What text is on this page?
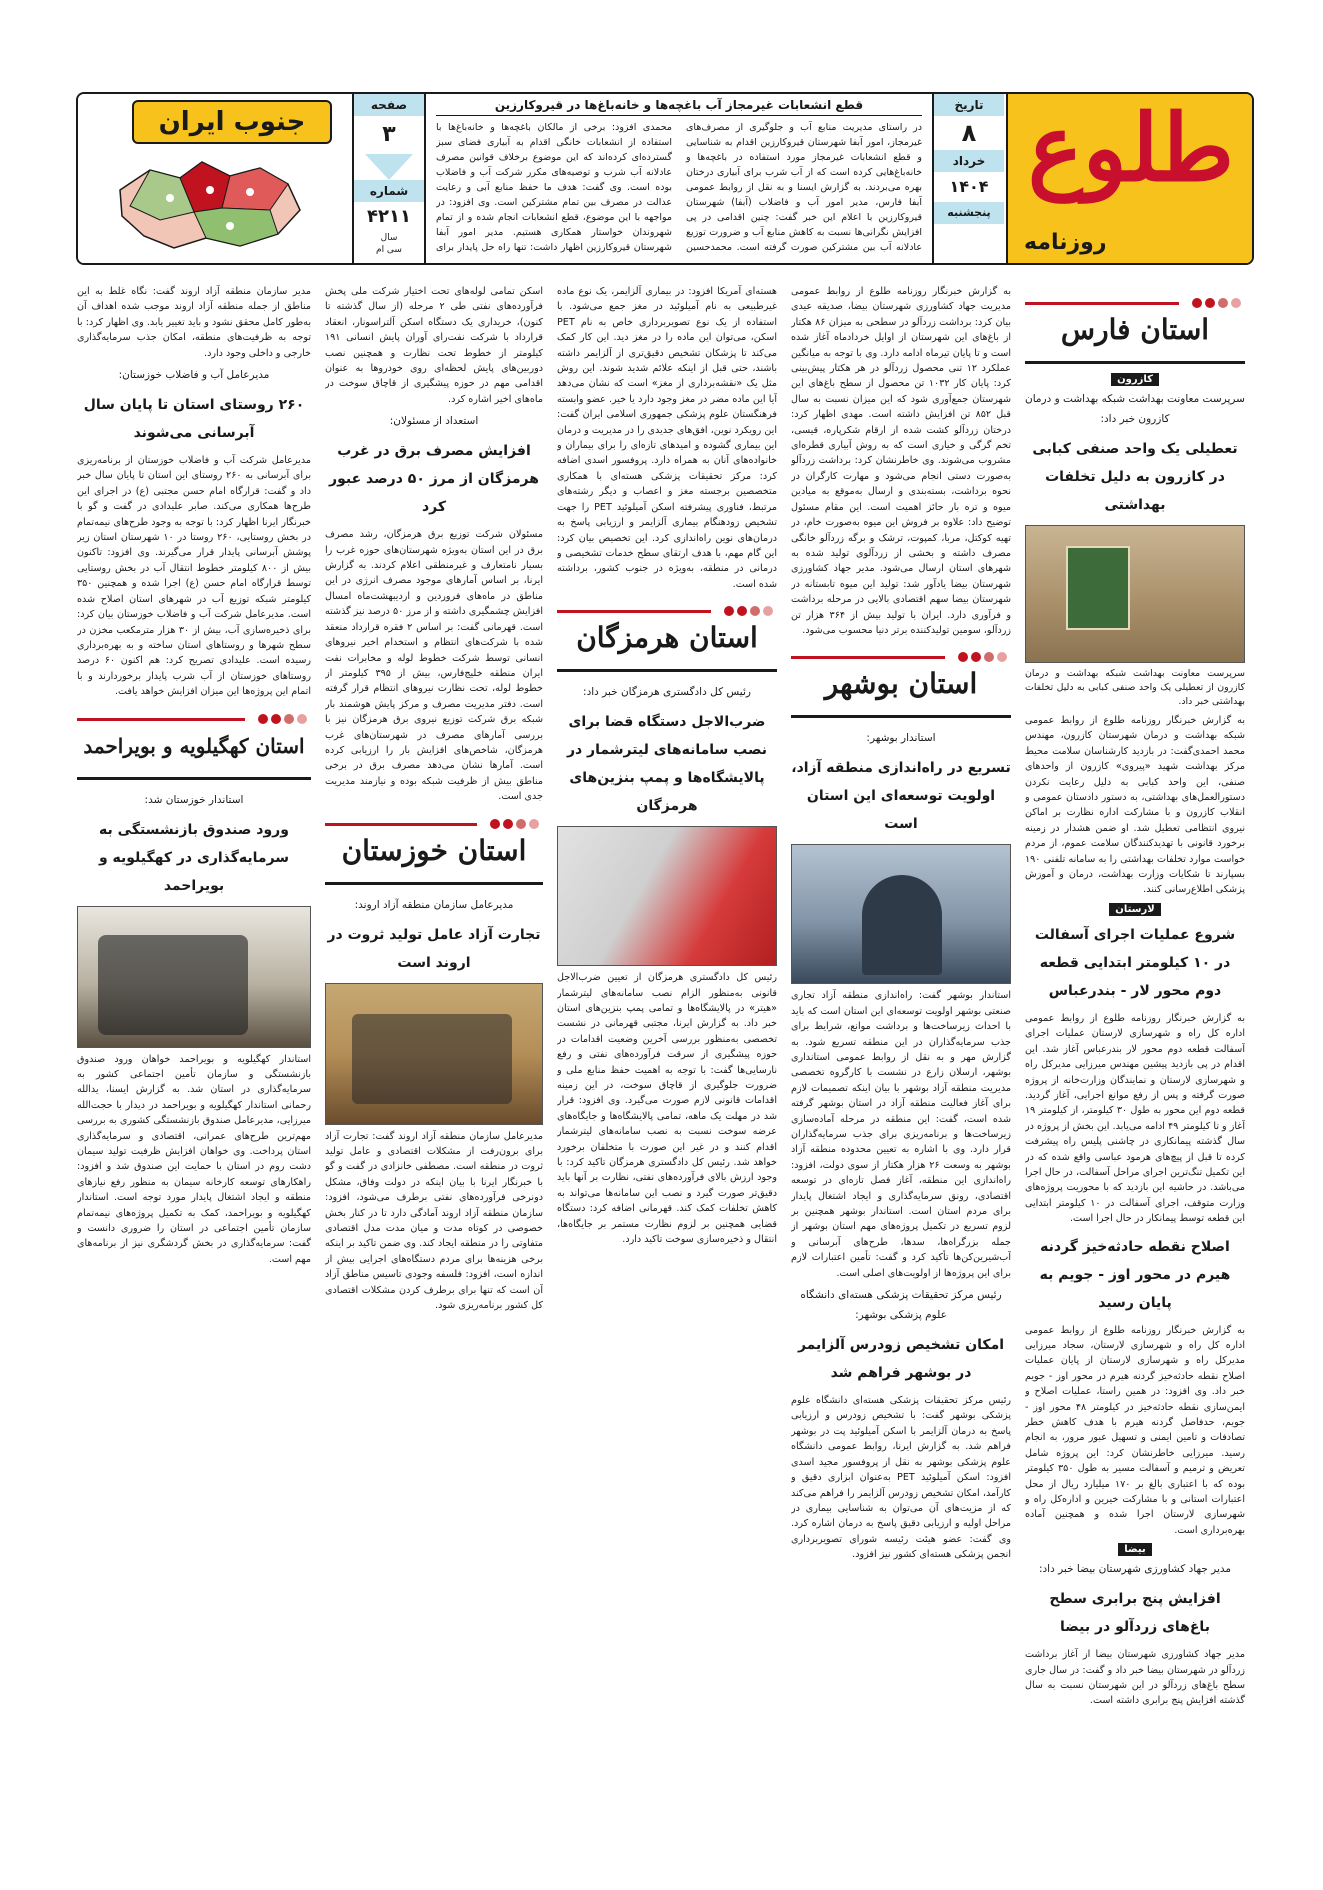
طلوع
روزنامه
تاریخ
۸
خرداد
۱۴۰۴
پنجشنبه
قطع انشعابات غیرمجاز آب باغچه‌ها و خانه‌باغ‌ها در قیروکارزین
در راستای مدیریت منابع آب و جلوگیری از مصرف‌های غیرمجاز، امور آبفا شهرستان قیروکارزین اقدام به شناسایی و قطع انشعابات غیرمجاز مورد استفاده در باغچه‌ها و خانه‌باغ‌هایی کرده است که از آب شرب برای آبیاری درختان بهره می‌بردند. به گزارش ایسنا و به نقل از روابط عمومی آبفا فارس، مدیر امور آب و فاضلاب (آبفا) شهرستان قیروکارزین با اعلام این خبر گفت: چنین اقدامی در پی افزایش نگرانی‌ها نسبت به کاهش منابع آب و ضرورت توزیع عادلانه آب بین مشترکین صورت گرفته است. محمدحسین محمدی افزود: برخی از مالکان باغچه‌ها و خانه‌باغ‌ها با استفاده از انشعابات خانگی اقدام به آبیاری فضای سبز گسترده‌ای کرده‌اند که این موضوع برخلاف قوانین مصرف عادلانه آب شرب و توصیه‌های مکرر شرکت آب و فاضلاب بوده است. وی گفت: هدف ما حفظ منابع آبی و رعایت عدالت در مصرف بین تمام مشترکین است. وی افزود: در مواجهه با این موضوع، قطع انشعابات انجام شده و از تمام شهروندان خواستار همکاری هستیم. مدیر امور آبفا شهرستان قیروکارزین اظهار داشت: تنها راه حل پایدار برای
صفحه
۳
شماره
۴۲۱۱
سال
سی ام
جنوب ایران
استان فارس
کازرون
سرپرست معاونت بهداشت شبکه بهداشت و درمان کازرون خبر داد:
تعطیلی یک واحد صنفی کبابی در کازرون به دلیل تخلفات بهداشتی
سرپرست معاونت بهداشت شبکه بهداشت و درمان کازرون از تعطیلی یک واحد صنفی کبابی به دلیل تخلفات بهداشتی خبر داد.
به گزارش خبرنگار روزنامه طلوع از روابط عمومی شبکه بهداشت و درمان شهرستان کازرون، مهندس محمد احمدی‌گفت: در بازدید کارشناسان سلامت محیط مرکز بهداشت شهید «پیروی» کازرون از واحدهای صنفی، این واحد کبابی به دلیل رعایت نکردن دستورالعمل‌های بهداشتی، به دستور دادستان عمومی و انقلاب کازرون و با مشارکت اداره نظارت بر اماکن نیروی انتظامی تعطیل شد. او ضمن هشدار در زمینه برخورد قانونی با تهدیدکنندگان سلامت عموم، از مردم خواست موارد تخلفات بهداشتی را به سامانه تلفنی ۱۹۰ بسپارند تا شکایات وزارت بهداشت، درمان و آموزش پزشکی اطلاع‌رسانی کنند.
لارستان
شروع عملیات اجرای آسفالت در ۱۰ کیلومتر ابتدایی قطعه دوم محور لار - بندرعباس
به گزارش خبرنگار روزنامه طلوع از روابط عمومی اداره کل راه و شهرسازی لارستان عملیات اجرای آسفالت قطعه دوم محور لار بندرعباس آغاز شد. این اقدام در پی بازدید پیشین مهندس میرزایی مدیرکل راه و شهرسازی لارستان و نمایندگان وزارت‌خانه از پروژه صورت گرفته و پس از رفع موانع اجرایی، آغاز گردید. قطعه دوم این محور به طول ۳۰ کیلومتر، از کیلومتر ۱۹ آغاز و تا کیلومتر ۴۹ ادامه می‌یابد. این بخش از پروژه در سال گذشته پیمانکاری در چاشنی پلیس راه پیشرفت کرده تا قبل از پیچ‌های هرمود عباسی واقع شده که در این تکمیل تنگ‌ترین اجرای مراحل آسفالت، در حال اجرا می‌باشد. در حاشیه این بازدید که با محوریت پروژه‌های وزارت متوقف، اجرای آسفالت در ۱۰ کیلومتر ابتدایی این قطعه توسط پیمانکار در حال اجرا است.
اصلاح نقطه حادثه‌خیز گردنه هیرم در محور اوز - جویم به پایان رسید
به گزارش خبرنگار روزنامه طلوع از روابط عمومی اداره کل راه و شهرسازی لارستان، سجاد میرزایی مدیرکل راه و شهرسازی لارستان از پایان عملیات اصلاح نقطه حادثه‌خیز گردنه هیرم در محور اوز - جویم خبر داد. وی افزود: در همین راستا، عملیات اصلاح و ایمن‌سازی نقطه حادثه‌خیز در کیلومتر ۴۸ محور اوز - جویم، حدفاصل گردنه هیرم با هدف کاهش خطر تصادفات و تامین ایمنی و تسهیل عبور مرور، به انجام رسید. میرزایی خاطرنشان کرد: این پروژه شامل تعریض و ترمیم و آسفالت مسیر به طول ۳۵۰ کیلومتر بوده که با اعتباری بالغ بر ۱۷۰ میلیارد ریال از محل اعتبارات استانی و با مشارکت خیرین و اداره‌کل راه و شهرسازی لارستان اجرا شده و همچنین آماده بهره‌برداری است.
بیضا
مدیر جهاد کشاورزی شهرستان بیضا خبر داد:
افزایش پنج برابری سطح باغ‌های زردآلو در بیضا
مدیر جهاد کشاورزی شهرستان بیضا از آغاز برداشت زردآلو در شهرستان بیضا خبر داد و گفت: در سال جاری سطح باغ‌های زردآلو در این شهرستان نسبت به سال گذشته افزایش پنج برابری داشته است.
به گزارش خبرنگار روزنامه طلوع از روابط عمومی مدیریت جهاد کشاورزی شهرستان بیضا، صدیقه عیدی بیان کرد: برداشت زردآلو در سطحی به میزان ۸۶ هکتار از باغ‌های این شهرستان از اوایل خردادماه آغاز شده است و تا پایان تیرماه ادامه دارد. وی با توجه به میانگین عملکرد ۱۲ تنی محصول زردآلو در هر هکتار پیش‌بینی کرد: پایان کار ۱۰۳۲ تن محصول از سطح باغ‌های این شهرستان جمع‌آوری شود که این میزان نسبت به سال قبل ۸۵۲ تن افزایش داشته است. مهدی اظهار کرد: درختان زردآلو کشت شده از ارقام شکرپاره، قیسی، تخم گرگی و خیاری است که به روش آبیاری قطره‌ای مشروب می‌شوند. وی خاطرنشان کرد: برداشت زردآلو به‌صورت دستی انجام می‌شود و مهارت کارگران در نحوه برداشت، بسته‌بندی و ارسال به‌موقع به میادین میوه و تره بار حائز اهمیت است. این مقام مسئول توضیح داد: علاوه بر فروش این میوه به‌صورت خام، در تهیه کوکتل، مربا، کمپوت، ترشک و برگه زردآلو خانگی مصرف داشته و بخشی از زردآلوی تولید شده به شهرهای استان ارسال می‌شود. مدیر جهاد کشاورزی شهرستان بیضا یادآور شد: تولید این میوه تابستانه در شهرستان بیضا سهم اقتصادی بالایی در مرحله برداشت و فرآوری دارد. ایران با تولید بیش از ۳۶۴ هزار تن زردآلو، سومین تولیدکننده برتر دنیا محسوب می‌شود.
استان بوشهر
استاندار بوشهر:
تسریع در راه‌اندازی منطقه آزاد، اولویت توسعه‌ای این استان است
استاندار بوشهر گفت: راه‌اندازی منطقه آزاد تجاری صنعتی بوشهر اولویت توسعه‌ای این استان است که باید با احداث زیرساخت‌ها و برداشت موانع، شرایط برای جذب سرمایه‌گذاران در این منطقه تسریع شود. به گزارش مهر و به نقل از روابط عمومی استانداری بوشهر، ارسلان زارع در نشست با کارگروه تخصصی مدیریت منطقه آزاد بوشهر با بیان اینکه تصمیمات لازم برای آغاز فعالیت منطقه آزاد در استان بوشهر گرفته شده است، گفت: این منطقه در مرحله آماده‌سازی زیرساخت‌ها و برنامه‌ریزی برای جذب سرمایه‌گذاران قرار دارد. وی با اشاره به تعیین محدوده منطقه آزاد بوشهر به وسعت ۲۶ هزار هکتار از سوی دولت، افزود: راه‌اندازی این منطقه، آغاز فصل تازه‌ای در توسعه اقتصادی، رونق سرمایه‌گذاری و ایجاد اشتغال پایدار برای مردم استان است. استاندار بوشهر همچنین بر لزوم تسریع در تکمیل پروژه‌های مهم استان بوشهر از جمله بزرگراه‌ها، سدها، طرح‌های آبرسانی و آب‌شیرین‌کن‌ها تأکید کرد و گفت: تأمین اعتبارات لازم برای این پروژه‌ها از اولویت‌های اصلی است.
رئیس مرکز تحقیقات پزشکی هسته‌ای دانشگاه علوم پزشکی بوشهر:
امکان تشخیص زودرس آلزایمر در بوشهر فراهم شد
رئیس مرکز تحقیقات پزشکی هسته‌ای دانشگاه علوم پزشکی بوشهر گفت: با تشخیص زودرس و ارزیابی پاسخ به درمان آلزایمر با اسکن آمیلوئید پت در بوشهر فراهم شد. به گزارش ایرنا، روابط عمومی دانشگاه علوم پزشکی بوشهر به نقل از پروفسور مجید اسدی افزود: اسکن آمیلوئید PET به‌عنوان ابزاری دقیق و کارآمد، امکان تشخیص زودرس آلزایمر را فراهم می‌کند که از مزیت‌های آن می‌توان به شناسایی بیماری در مراحل اولیه و ارزیابی دقیق پاسخ به درمان اشاره کرد. وی گفت: عضو هیئت رئیسه شورای تصویربرداری انجمن پزشکی هسته‌ای کشور نیز افزود.
هسته‌ای آمریکا افزود: در بیماری آلزایمر، یک نوع ماده غیرطبیعی به نام آمیلوئید در مغز جمع می‌شود. با استفاده از یک نوع تصویربرداری خاص به نام PET اسکن، می‌توان این ماده را در مغز دید. این کار کمک می‌کند تا پزشکان تشخیص دقیق‌تری از آلزایمر داشته باشند، حتی قبل از اینکه علائم شدید شوند. این روش مثل یک «نقشه‌برداری از مغز» است که نشان می‌دهد آیا این ماده مضر در مغز وجود دارد یا خیر. عضو وابسته فرهنگستان علوم پزشکی جمهوری اسلامی ایران گفت: این رویکرد نوین، افق‌های جدیدی را در مدیریت و درمان این بیماری گشوده و امیدهای تازه‌ای را برای بیماران و خانواده‌های آنان به همراه دارد. پروفسور اسدی اضافه کرد: مرکز تحقیقات پزشکی هسته‌ای با همکاری متخصصین برجسته مغز و اعصاب و دیگر رشته‌های مرتبط، فناوری پیشرفته اسکن آمیلوئید PET را جهت تشخیص زودهنگام بیماری آلزایمر و ارزیابی پاسخ به درمان‌های نوین راه‌اندازی کرد. این تخصیص بیان کرد: این گام مهم، با هدف ارتقای سطح خدمات تشخیصی و درمانی در منطقه، به‌ویژه در جنوب کشور، برداشته شده است.
استان هرمزگان
رئیس کل دادگستری هرمزگان خبر داد:
ضرب‌الاجل دستگاه قضا برای نصب سامانه‌های لیترشمار در پالایشگاه‌ها و پمپ بنزین‌های هرمزگان
رئیس کل دادگستری هرمزگان از تعیین ضرب‌الاجل قانونی به‌منظور الزام نصب سامانه‌های لیترشمار «هیتر» در پالایشگاه‌ها و تمامی پمپ بنزین‌های استان خبر داد. به گزارش ایرنا، مجتبی قهرمانی در نشست تخصصی به‌منظور بررسی آخرین وضعیت اقدامات در حوزه پیشگیری از سرقت فرآورده‌های نفتی و رفع نارسایی‌ها گفت: با توجه به اهمیت حفظ منابع ملی و ضرورت جلوگیری از قاچاق سوخت، در این زمینه اقدامات قانونی لازم صورت می‌گیرد. وی افزود: قرار شد در مهلت یک ماهه، تمامی پالایشگاه‌ها و جایگاه‌های عرضه سوخت نسبت به نصب سامانه‌های لیترشمار اقدام کنند و در غیر این صورت با متخلفان برخورد خواهد شد. رئیس کل دادگستری هرمزگان تاکید کرد: با وجود ارزش بالای فرآورده‌های نفتی، نظارت بر آنها باید دقیق‌تر صورت گیرد و نصب این سامانه‌ها می‌تواند به کاهش تخلفات کمک کند. قهرمانی اضافه کرد: دستگاه قضایی همچنین بر لزوم نظارت مستمر بر جایگاه‌ها، انتقال و ذخیره‌سازی سوخت تاکید دارد.
اسکن تمامی لوله‌های تحت اختیار شرکت ملی پخش فرآورده‌های نفتی طی ۲ مرحله (از سال گذشته تا کنون)، خریداری یک دستگاه اسکن آلتراسونار، انعقاد قرارداد با شرکت نفت‌رای آوران پایش انسانی ۱۹۱ کیلومتر از خطوط تحت نظارت و همچنین نصب دوربین‌های پایش لحظه‌ای روی خودروها به عنوان اقدامی مهم در حوزه پیشگیری از قاچاق سوخت در ماه‌های اخیر اشاره کرد.
استعداد از مسئولان:
افزایش مصرف برق در غرب هرمزگان از مرز ۵۰ درصد عبور کرد
مسئولان شرکت توزیع برق هرمزگان، رشد مصرف برق در این استان به‌ویژه شهرستان‌های حوزه غرب را بسیار نامتعارف و غیرمنطقی اعلام کردند. به گزارش ایرنا، بر اساس آمارهای موجود مصرف انرژی در این مناطق در ماه‌های فروردین و اردیبهشت‌ماه امسال افزایش چشمگیری داشته و از مرز ۵۰ درصد نیز گذشته است. قهرمانی گفت: بر اساس ۲ فقره قرارداد منعقد شده با شرکت‌های انتظام و استخدام اخیر نیروهای انسانی توسط شرکت خطوط لوله و مخابرات نفت ایران منطقه خلیج‌فارس، بیش از ۳۹۵ کیلومتر از خطوط لوله، تحت نظارت نیروهای انتظام قرار گرفته است. دفتر مدیریت مصرف و مرکز پایش هوشمند بار شبکه برق شرکت توزیع نیروی برق هرمزگان نیز با بررسی آمارهای مصرف در شهرستان‌های غرب هرمزگان، شاخص‌های افزایش بار را ارزیابی کرده است. آمارها نشان می‌دهد مصرف برق در برخی مناطق بیش از ظرفیت شبکه بوده و نیازمند مدیریت جدی است.
استان خوزستان
مدیرعامل سازمان منطقه آزاد اروند:
تجارت آزاد عامل تولید ثروت در اروند است
مدیرعامل سازمان منطقه آزاد اروند گفت: تجارت آزاد برای برون‌رفت از مشکلات اقتصادی و عامل تولید ثروت در منطقه است. مصطفی خانزادی در گفت و گو با خبرنگار ایرنا با بیان اینکه در دولت وفاق، مشکل دو‌نرخی فرآورده‌های نفتی برطرف می‌شود، افزود: سازمان منطقه آزاد اروند آمادگی دارد تا در کنار بخش خصوصی در کوتاه مدت و میان مدت مدل اقتصادی متفاوتی را در منطقه ایجاد کند. وی ضمن تاکید بر اینکه برخی هزینه‌ها برای مردم دستگاه‌های اجرایی بیش از اندازه است، افزود: فلسفه وجودی تاسیس مناطق آزاد آن است که تنها برای برطرف کردن مشکلات اقتصادی کل کشور برنامه‌ریزی شود.
مدیر سازمان منطقه آزاد اروند گفت: نگاه غلط به این مناطق از جمله منطقه آزاد اروند موجب شده اهداف آن به‌طور کامل محقق نشود و باید تغییر یابد. وی اظهار کرد: با توجه به ظرفیت‌های منطقه، امکان جذب سرمایه‌گذاری خارجی و داخلی وجود دارد.
مدیرعامل آب و فاضلاب خوزستان:
۲۶۰ روستای استان تا پایان سال آبرسانی می‌شوند
مدیرعامل شرکت آب و فاضلاب خوزستان از برنامه‌ریزی برای آبرسانی به ۲۶۰ روستای این استان تا پایان سال خبر داد و گفت: قرارگاه امام حسن مجتبی (ع) در اجرای این طرح‌ها همکاری می‌کند. صابر علیدادی در گفت و گو با خبرنگار ایرنا اظهار کرد: با توجه به وجود طرح‌های نیمه‌تمام در بخش روستایی، ۲۶۰ روستا در ۱۰ شهرستان استان زیر پوشش آبرسانی پایدار قرار می‌گیرند. وی افزود: تاکنون بیش از ۸۰۰ کیلومتر خطوط انتقال آب در بخش روستایی توسط قرارگاه امام حسن (ع) اجرا شده و همچنین ۳۵۰ کیلومتر شبکه توزیع آب در شهرهای استان اصلاح شده است. مدیرعامل شرکت آب و فاضلاب خوزستان بیان کرد: برای ذخیره‌سازی آب، بیش از ۳۰ هزار مترمکعب مخزن در سطح شهرها و روستاهای استان ساخته و به بهره‌برداری رسیده است. علیدادی تصریح کرد: هم اکنون ۶۰ درصد روستاهای خوزستان از آب شرب پایدار برخوردارند و با اتمام این پروژه‌ها این میزان افزایش خواهد یافت.
استان کهگیلویه و بویراحمد
استاندار خوزستان شد:
ورود صندوق بازنشستگی به سرمایه‌گذاری در کهگیلویه و بویراحمد
استاندار کهگیلویه و بویراحمد خواهان ورود صندوق بازنشستگی و سازمان تأمین اجتماعی کشور به سرمایه‌گذاری در استان شد. به گزارش ایسنا، یدالله رحمانی استاندار کهگیلویه و بویراحمد در دیدار با حجت‌الله میرزایی، مدیرعامل صندوق بازنشستگی کشوری به بررسی مهم‌ترین طرح‌های عمرانی، اقتصادی و سرمایه‌گذاری استان پرداخت. وی خواهان افزایش ظرفیت تولید سیمان دشت روم در استان با حمایت این صندوق شد و افزود: راهکارهای توسعه کارخانه سیمان به منظور رفع نیازهای منطقه و ایجاد اشتغال پایدار مورد توجه است. استاندار کهگیلویه و بویراحمد، کمک به تکمیل پروژه‌های نیمه‌تمام سازمان تأمین اجتماعی در استان را ضروری دانست و گفت: سرمایه‌گذاری در بخش گردشگری نیز از برنامه‌های مهم است.
